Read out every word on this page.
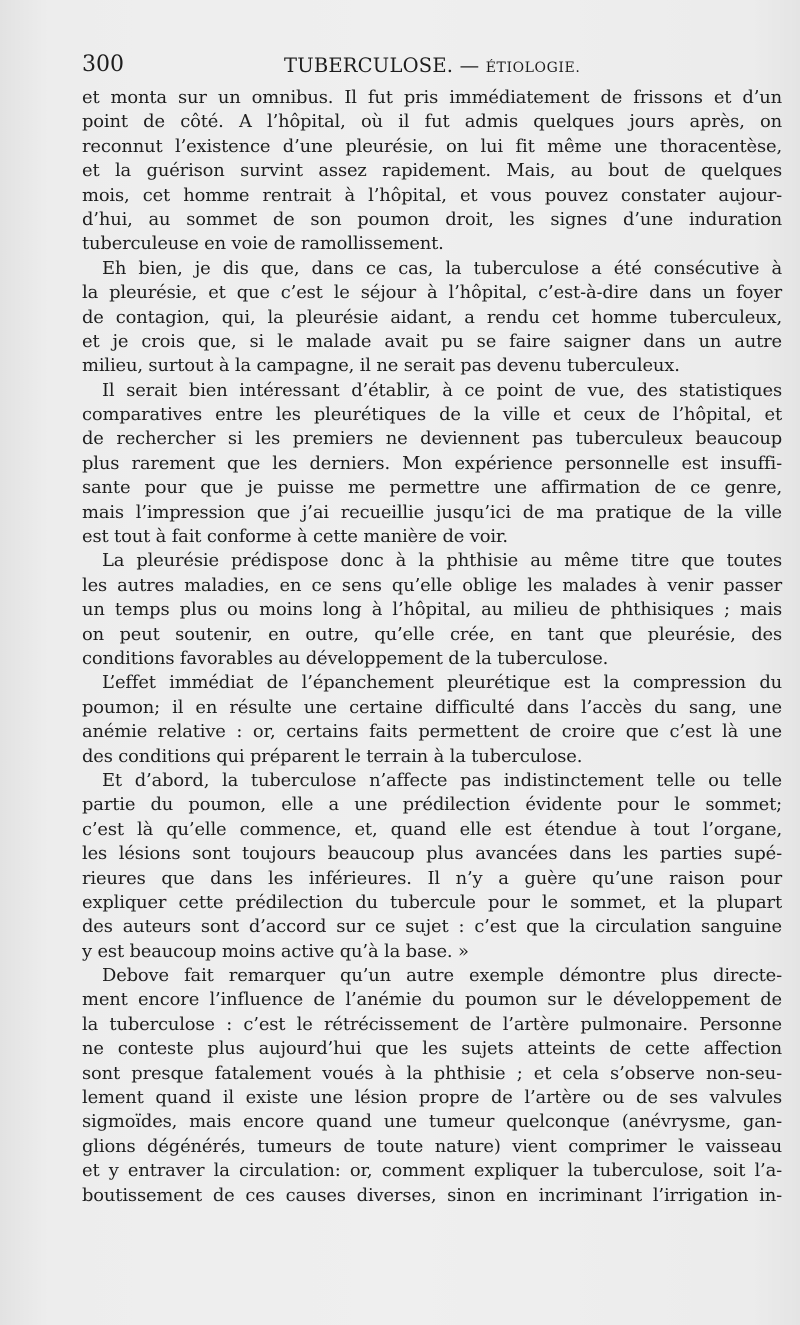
300	TUBERCULOSE. — ÉTIOLOGIE.
et monta sur un omnibus. Il fut pris immédiatement de frissons et d’un
point de côté. A l’hôpital, où il fut admis quelques jours après, on
reconnut l’existence d’une pleurésie, on lui fit même une thoracentèse,
et la guérison survint assez rapidement. Mais, au bout de quelques
mois, cet homme rentrait à l’hôpital, et vous pouvez constater aujour-
d’hui, au sommet de son poumon droit, les signes d’une induration
tuberculeuse en voie de ramollissement.
Eh bien, je dis que, dans ce cas, la tuberculose a été consécutive à
la pleurésie, et que c’est le séjour à l’hôpital, c’est-à-dire dans un foyer
de contagion, qui, la pleurésie aidant, a rendu cet homme tuberculeux,
et je crois que, si le malade avait pu se faire saigner dans un autre
milieu, surtout à la campagne, il ne serait pas devenu tuberculeux.
Il serait bien intéressant d’établir, à ce point de vue, des statistiques
comparatives entre les pleurétiques de la ville et ceux de l’hôpital, et
de rechercher si les premiers ne deviennent pas tuberculeux beaucoup
plus rarement que les derniers. Mon expérience personnelle est insuffi-
sante pour que je puisse me permettre une affirmation de ce genre,
mais l’impression que j’ai recueillie jusqu’ici de ma pratique de la ville
est tout à fait conforme à cette manière de voir.
La pleurésie prédispose donc à la phthisie au même titre que toutes
les autres maladies, en ce sens qu’elle oblige les malades à venir passer
un temps plus ou moins long à l’hôpital, au milieu de phthisiques ; mais
on peut soutenir, en outre, qu’elle crée, en tant que pleurésie, des
conditions favorables au développement de la tuberculose.
L’effet immédiat de l’épanchement pleurétique est la compression du
poumon; il en résulte une certaine difficulté dans l’accès du sang, une
anémie relative : or, certains faits permettent de croire que c’est là une
des conditions qui préparent le terrain à la tuberculose.
Et d’abord, la tuberculose n’affecte pas indistinctement telle ou telle
partie du poumon, elle a une prédilection évidente pour le sommet;
c’est là qu’elle commence, et, quand elle est étendue à tout l’organe,
les lésions sont toujours beaucoup plus avancées dans les parties supé-
rieures que dans les inférieures. Il n’y a guère qu’une raison pour
expliquer cette prédilection du tubercule pour le sommet, et la plupart
des auteurs sont d’accord sur ce sujet : c’est que la circulation sanguine
y est beaucoup moins active qu’à la base. »
Debove fait remarquer qu’un autre exemple démontre plus directe-
ment encore l’influence de l’anémie du poumon sur le développement de
la tuberculose : c’est le rétrécissement de l’artère pulmonaire. Personne
ne conteste plus aujourd’hui que les sujets atteints de cette affection
sont presque fatalement voués à la phthisie ; et cela s’observe non-seu-
lement quand il existe une lésion propre de l’artère ou de ses valvules
sigmoïdes, mais encore quand une tumeur quelconque (anévrysme, gan-
glions dégénérés, tumeurs de toute nature) vient comprimer le vaisseau
et y entraver la circulation: or, comment expliquer la tuberculose, soit l’a-
boutissement de ces causes diverses, sinon en incriminant l’irrigation in-
